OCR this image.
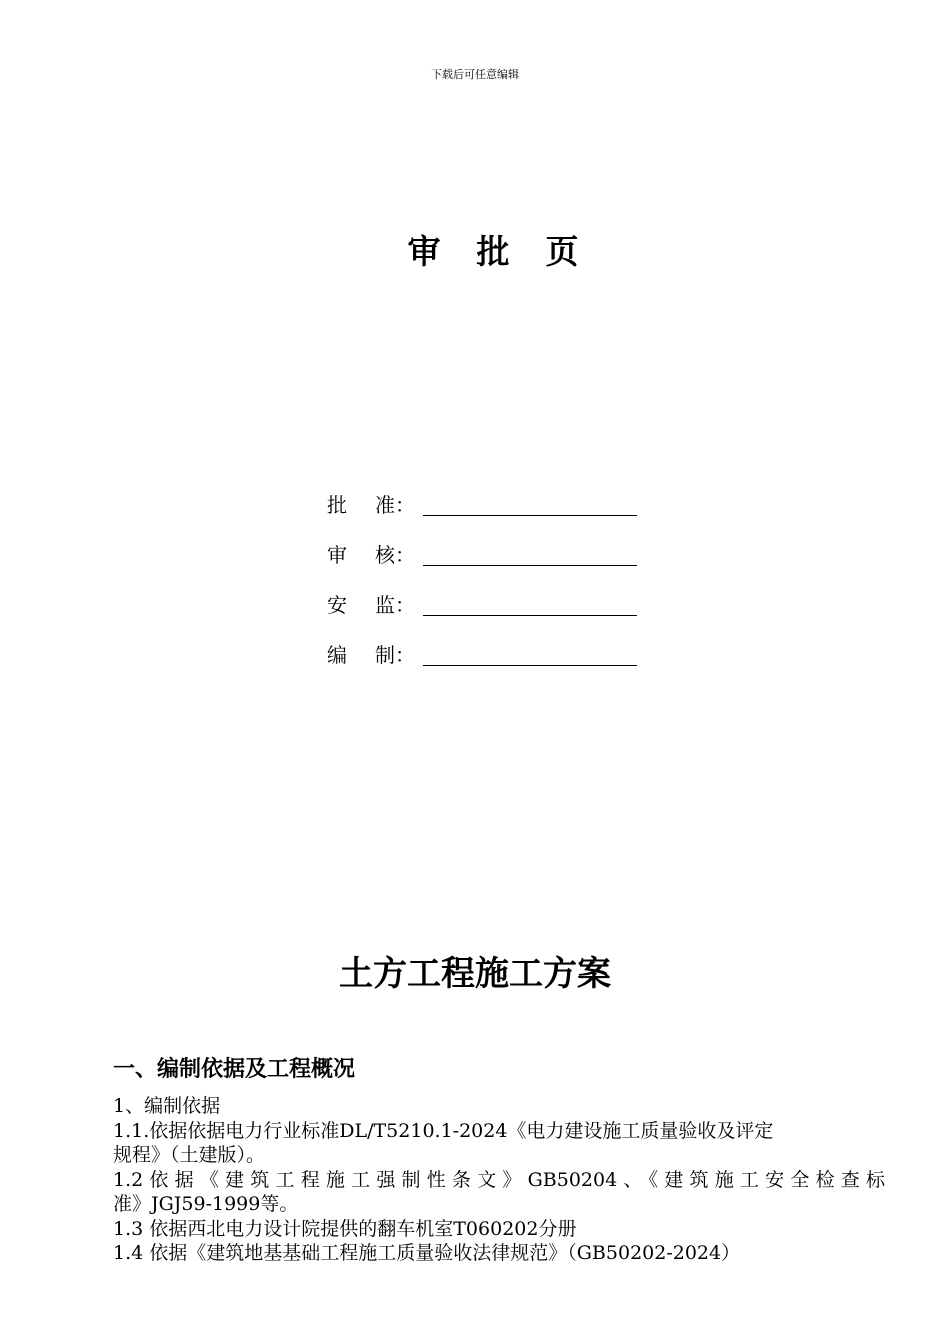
下载后可任意编辑
审批页
批 准：
审 核：
安 监：
编 制：
土方工程施工方案
一、编制依据及工程概况
1、编制依据
1.1.依据依据电力行业标准DL/T5210.1-2024《电力建设施工质量验收及评定
规程》（土建版）。
1.2依据《建筑工程施工强制性条文》GB50204、《建筑施工安全检查标
准》JGJ59-1999等。
1.3 依据西北电力设计院提供的翻车机室T060202分册
1.4 依据《建筑地基基础工程施工质量验收法律规范》（GB50202-2024）
